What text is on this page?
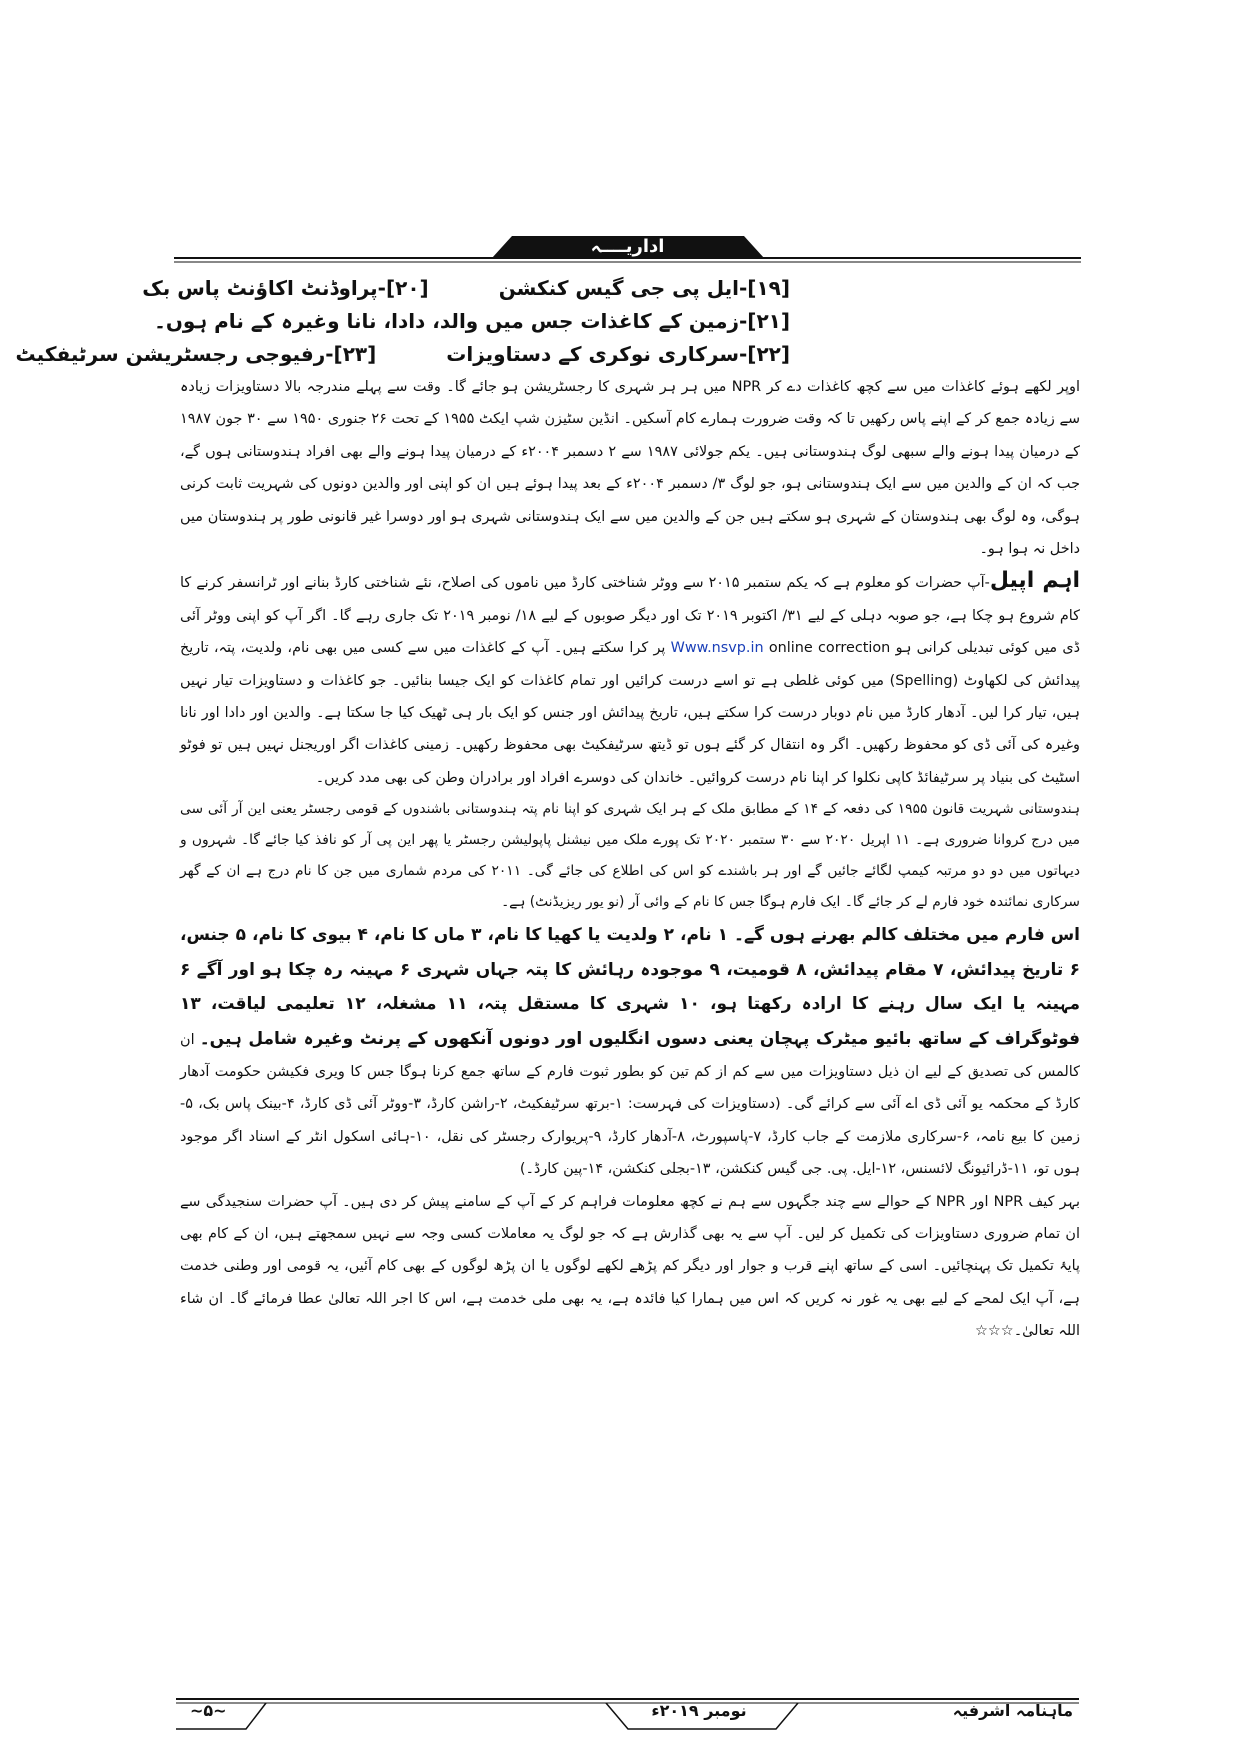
اداریــــہ
[۱۹]-ایل پی جی گیس کنکشن[۲۰]-پراوڈنٹ اکاؤنٹ پاس بک
[۲۱]-زمین کے کاغذات جس میں والد، دادا، نانا وغیرہ کے نام ہوں۔
[۲۲]-سرکاری نوکری کے دستاویزات[۲۳]-رفیوجی رجسٹریشن سرٹیفکیٹ

اوپر لکھے ہوئے کاغذات میں سے کچھ کاغذات دے کر NPR میں ہر ہر شہری کا رجسٹریشن ہو جائے گا۔ وقت سے پہلے مندرجہ بالا دستاویزات زیادہ سے زیادہ جمع کر کے اپنے پاس رکھیں تا کہ وقت ضرورت ہمارے کام آسکیں۔ انڈین سٹیزن شپ ایکٹ ۱۹۵۵ کے تحت ۲۶ جنوری ۱۹۵۰ سے ۳۰ جون ۱۹۸۷ کے درمیان پیدا ہونے والے سبھی لوگ ہندوستانی ہیں۔ یکم جولائی ۱۹۸۷ سے ۲ دسمبر ۲۰۰۴ء کے درمیان پیدا ہونے والے بھی افراد ہندوستانی ہوں گے، جب کہ ان کے والدین میں سے ایک ہندوستانی ہو، جو لوگ ۳/ دسمبر ۲۰۰۴ء کے بعد پیدا ہوئے ہیں ان کو اپنی اور والدین دونوں کی شہریت ثابت کرنی ہوگی، وہ لوگ بھی ہندوستان کے شہری ہو سکتے ہیں جن کے والدین میں سے ایک ہندوستانی شہری ہو اور دوسرا غیر قانونی طور پر ہندوستان میں داخل نہ ہوا ہو۔

اہم اپیل-آپ حضرات کو معلوم ہے کہ یکم ستمبر ۲۰۱۵ سے ووٹر شناختی کارڈ میں ناموں کی اصلاح، نئے شناختی کارڈ بنانے اور ٹرانسفر کرنے کا کام شروع ہو چکا ہے، جو صوبہ دہلی کے لیے ۳۱/ اکتوبر ۲۰۱۹ تک اور دیگر صوبوں کے لیے ۱۸/ نومبر ۲۰۱۹ تک جاری رہے گا۔ اگر آپ کو اپنی ووٹر آئی ڈی میں کوئی تبدیلی کرانی ہو Www.nsvp.in online correction پر کرا سکتے ہیں۔ آپ کے کاغذات میں سے کسی میں بھی نام، ولدیت، پتہ، تاریخ پیدائش کی لکھاوٹ (Spelling) میں کوئی غلطی ہے تو اسے درست کرائیں اور تمام کاغذات کو ایک جیسا بنائیں۔ جو کاغذات و دستاویزات تیار نہیں ہیں، تیار کرا لیں۔ آدھار کارڈ میں نام دوبار درست کرا سکتے ہیں، تاریخ پیدائش اور جنس کو ایک بار ہی ٹھیک کیا جا سکتا ہے۔ والدین اور دادا اور نانا وغیرہ کی آئی ڈی کو محفوظ رکھیں۔ اگر وہ انتقال کر گئے ہوں تو ڈیتھ سرٹیفکیٹ بھی محفوظ رکھیں۔ زمینی کاغذات اگر اوریجنل نہیں ہیں تو فوٹو اسٹیٹ کی بنیاد پر سرٹیفائڈ کاپی نکلوا کر اپنا نام درست کروائیں۔ خاندان کی دوسرے افراد اور برادران وطن کی بھی مدد کریں۔

ہندوستانی شہریت قانون ۱۹۵۵ کی دفعہ کے ۱۴ کے مطابق ملک کے ہر ایک شہری کو اپنا نام پتہ ہندوستانی باشندوں کے قومی رجسٹر یعنی این آر آئی سی میں درج کروانا ضروری ہے۔ ۱۱ اپریل ۲۰۲۰ سے ۳۰ ستمبر ۲۰۲۰ تک پورے ملک میں نیشنل پاپولیشن رجسٹر یا پھر این پی آر کو نافذ کیا جائے گا۔ شہروں و دیہاتوں میں دو دو مرتبہ کیمپ لگائے جائیں گے اور ہر باشندے کو اس کی اطلاع کی جائے گی۔ ۲۰۱۱ کی مردم شماری میں جن کا نام درج ہے ان کے گھر سرکاری نمائندہ خود فارم لے کر جائے گا۔ ایک فارم ہوگا جس کا نام کے وائی آر (نو یور ریزیڈنٹ) ہے۔

اس فارم میں مختلف کالم بھرنے ہوں گے۔ ۱ نام، ۲ ولدیت یا کھیا کا نام، ۳ ماں کا نام، ۴ بیوی کا نام، ۵ جنس، ۶ تاریخ پیدائش، ۷ مقام پیدائش، ۸ قومیت، ۹ موجودہ رہائش کا پتہ جہاں شہری ۶ مہینہ رہ چکا ہو اور آگے ۶ مہینہ یا ایک سال رہنے کا ارادہ رکھتا ہو، ۱۰ شہری کا مستقل پتہ، ۱۱ مشغلہ، ۱۲ تعلیمی لیاقت، ۱۳ فوٹوگراف کے ساتھ بائیو میٹرک پہچان یعنی دسوں انگلیوں اور دونوں آنکھوں کے پرنٹ وغیرہ شامل ہیں۔ ان کالمس کی تصدیق کے لیے ان ذیل دستاویزات میں سے کم از کم تین کو بطور ثبوت فارم کے ساتھ جمع کرنا ہوگا جس کا ویری فکیشن حکومت آدھار کارڈ کے محکمہ یو آئی ڈی اے آئی سے کرائے گی۔ (دستاویزات کی فہرست: ۱-برتھ سرٹیفکیٹ، ۲-راشن کارڈ، ۳-ووٹر آئی ڈی کارڈ، ۴-بینک پاس بک، ۵-زمین کا بیع نامہ، ۶-سرکاری ملازمت کے جاب کارڈ، ۷-پاسپورٹ، ۸-آدھار کارڈ، ۹-پریوارک رجسٹر کی نقل، ۱۰-ہائی اسکول انٹر کے اسناد اگر موجود ہوں تو، ۱۱-ڈرائیونگ لائسنس، ۱۲-ایل. پی. جی گیس کنکشن، ۱۳-بجلی کنکشن، ۱۴-پین کارڈ۔)

بہر کیف NPR اور NPR کے حوالے سے چند جگہوں سے ہم نے کچھ معلومات فراہم کر کے آپ کے سامنے پیش کر دی ہیں۔ آپ حضرات سنجیدگی سے ان تمام ضروری دستاویزات کی تکمیل کر لیں۔ آپ سے یہ بھی گذارش ہے کہ جو لوگ یہ معاملات کسی وجہ سے نہیں سمجھتے ہیں، ان کے کام بھی پایۂ تکمیل تک پہنچائیں۔ اسی کے ساتھ اپنے قرب و جوار اور دیگر کم پڑھے لکھے لوگوں یا ان پڑھ لوگوں کے بھی کام آئیں، یہ قومی اور وطنی خدمت ہے، آپ ایک لمحے کے لیے بھی یہ غور نہ کریں کہ اس میں ہمارا کیا فائدہ ہے، یہ بھی ملی خدمت ہے، اس کا اجر اللہ تعالیٰ عطا فرمائے گا۔ ان شاء اللہ تعالیٰ۔☆☆☆

ماہنامہ اشرفیہ
نومبر ۲۰۱۹ء
~۵~
